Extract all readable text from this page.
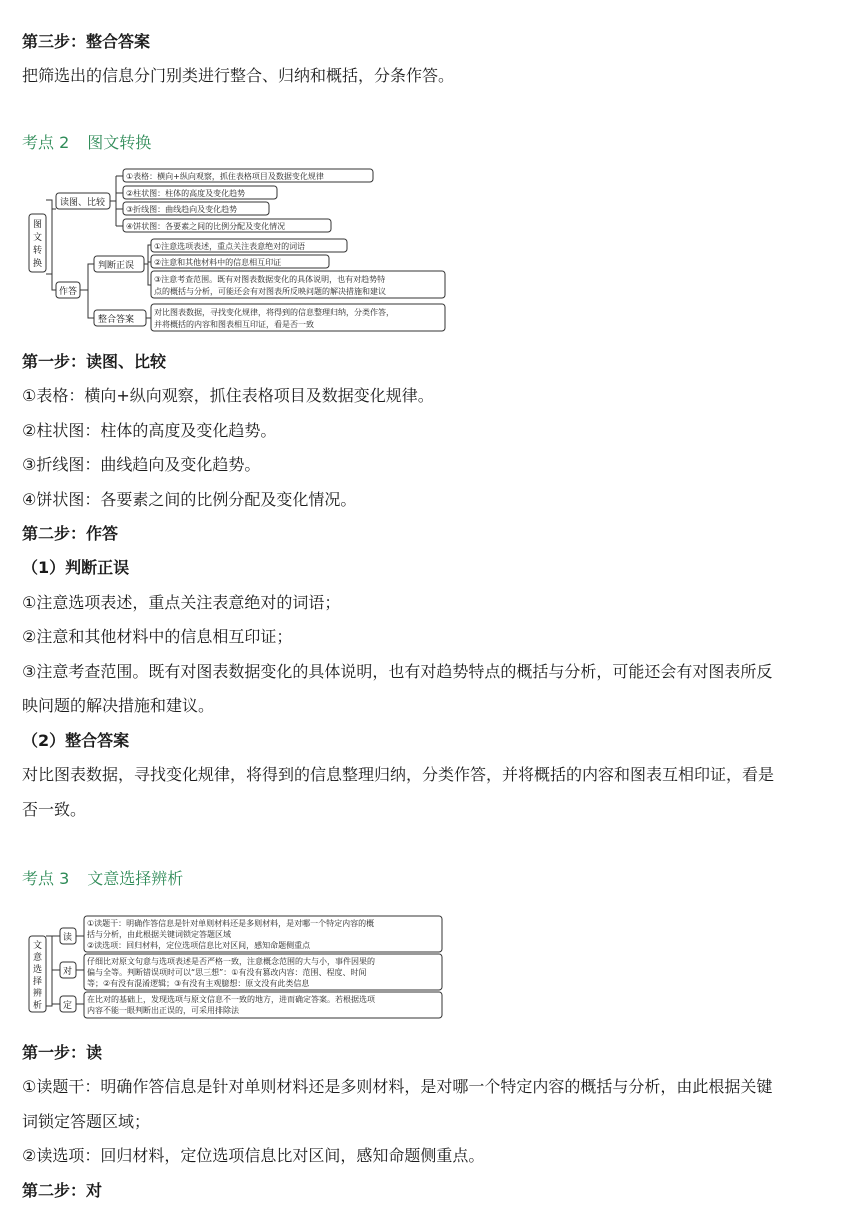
第三步：整合答案
把筛选出的信息分门别类进行整合、归纳和概括，分条作答。
考点 2 图文转换
图
文
转
换
读图、比较
①表格：横向+纵向观察，抓住表格项目及数据变化规律
②柱状图：柱体的高度及变化趋势
③折线图：曲线趋向及变化趋势
④饼状图：各要素之间的比例分配及变化情况
作答
判断正误
①注意选项表述，重点关注表意绝对的词语
②注意和其他材料中的信息相互印证
③注意考查范围。既有对图表数据变化的具体说明，也有对趋势特
点的概括与分析，可能还会有对图表所反映问题的解决措施和建议
整合答案
对比图表数据，寻找变化规律，将得到的信息整理归纳，分类作答，
并将概括的内容和图表相互印证，看是否一致
第一步：读图、比较
①表格：横向+纵向观察，抓住表格项目及数据变化规律。
②柱状图：柱体的高度及变化趋势。
③折线图：曲线趋向及变化趋势。
④饼状图：各要素之间的比例分配及变化情况。
第二步：作答
（1）判断正误
①注意选项表述，重点关注表意绝对的词语；
②注意和其他材料中的信息相互印证；
③注意考查范围。既有对图表数据变化的具体说明，也有对趋势特点的概括与分析，可能还会有对图表所反
映问题的解决措施和建议。
（2）整合答案
对比图表数据，寻找变化规律，将得到的信息整理归纳，分类作答，并将概括的内容和图表互相印证，看是
否一致。
考点 3 文意选择辨析
文
意
选
择
辨
析
读
①读题干：明确作答信息是针对单则材料还是多则材料，是对哪一个特定内容的概
括与分析，由此根据关键词锁定答题区域
②读选项：回归材料，定位选项信息比对区间，感知命题侧重点
对
仔细比对原文句意与选项表述是否严格一致，注意概念范围的大与小，事件因果的
偏与全等。判断错误项时可以“思三想”：①有没有篡改内容：范围、程度、时间
等；②有没有混淆逻辑；③有没有主观臆想：原文没有此类信息
定
在比对的基础上，发现选项与原文信息不一致的地方，进而确定答案。若根据选项
内容不能一眼判断出正误的，可采用排除法
第一步：读
①读题干：明确作答信息是针对单则材料还是多则材料，是对哪一个特定内容的概括与分析，由此根据关键
词锁定答题区域；
②读选项：回归材料，定位选项信息比对区间，感知命题侧重点。
第二步：对
